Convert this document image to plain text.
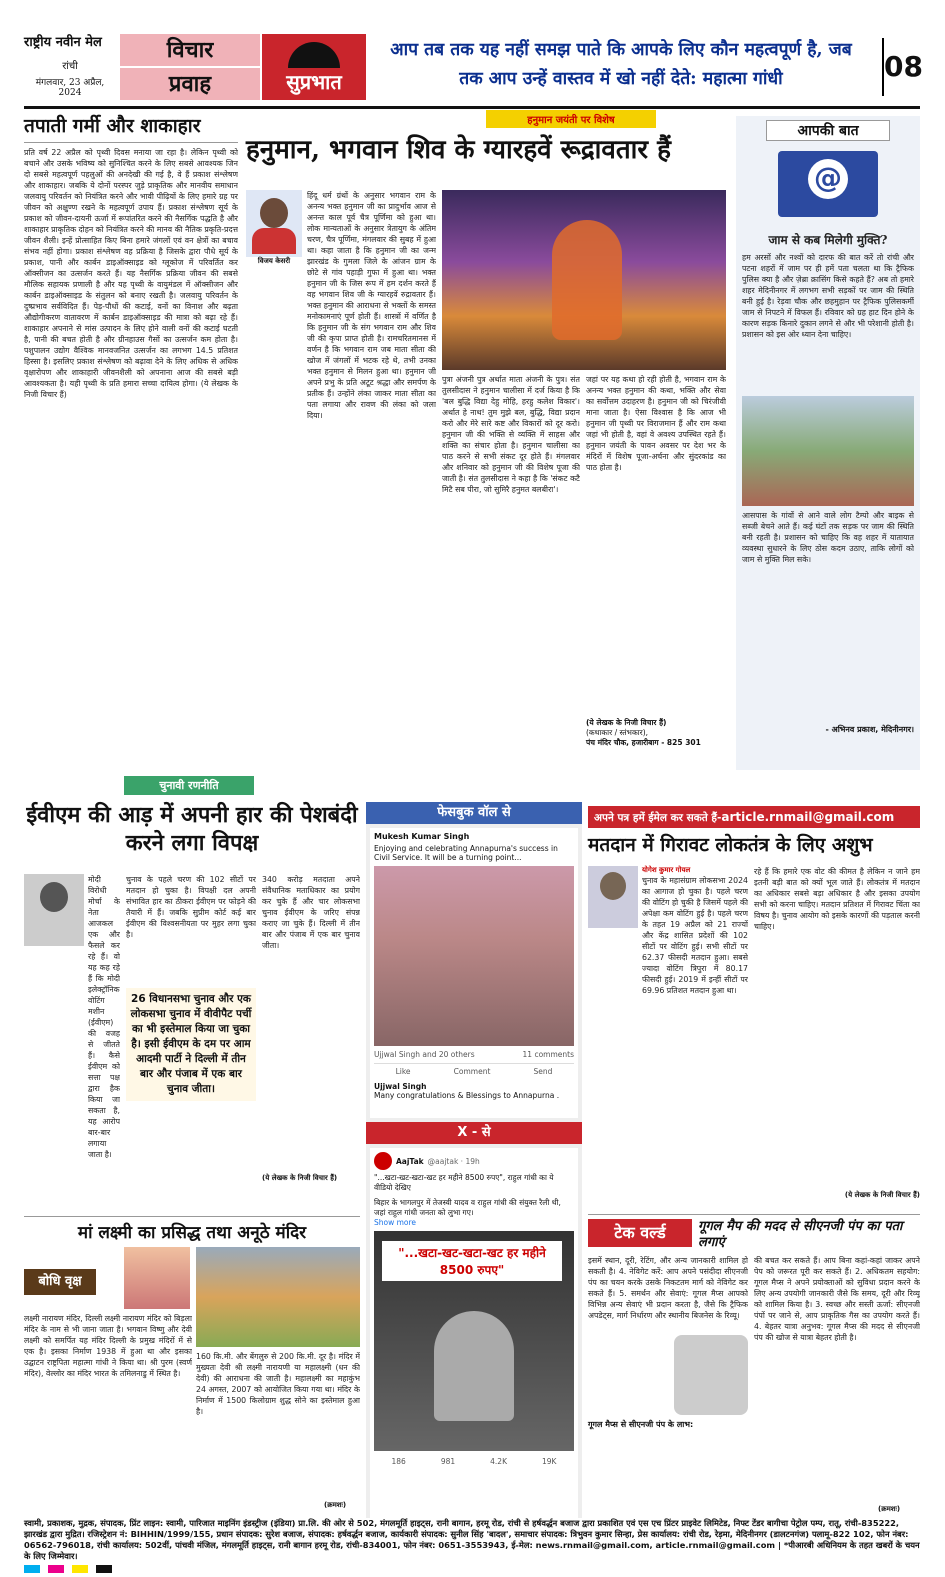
राष्ट्रीय नवीन मेल
रांची
मंगलवार, 23 अप्रैल, 2024
विचार
प्रवाह	सुप्रभात
आप तब तक यह नहीं समझ पाते कि आपके लिए कौन महत्वपूर्ण है, जब तक आप उन्हें वास्तव में खो नहीं देते: महात्मा गांधी	08
तपाती गर्मी और शाकाहार
प्रति वर्ष 22 अप्रैल को पृथ्वी दिवस मनाया जा रहा है। लेकिन पृथ्वी को बचाने और उसके भविष्य को सुनिश्चित करने के लिए सबसे आवश्यक जिन दो सबसे महत्वपूर्ण पहलुओं की अनदेखी की गई है, वे हैं प्रकाश संश्लेषण और शाकाहार। जबकि ये दोनों परस्पर जुड़े प्राकृतिक और मानवीय समाधान जलवायु परिवर्तन को नियंत्रित करने और भावी पीढ़ियों के लिए हमारे ग्रह पर जीवन को अक्षुण्ण रखने के महत्वपूर्ण उपाय हैं। प्रकाश संश्लेषण सूर्य के प्रकाश को जीवन-दायनी ऊर्जा में रूपांतरित करने की नैसर्गिक पद्धति है और शाकाहार प्राकृतिक दोहन को नियंत्रित करने की मानव की नैतिक प्रकृति-प्रदत्त जीवन शैली। इन्हें प्रोत्साहित किए बिना हमारे जंगलों एवं वन क्षेत्रों का बचाव संभव नहीं होगा। प्रकाश संश्लेषण वह प्रक्रिया है जिसके द्वारा पौधे सूर्य के प्रकाश, पानी और कार्बन डाइऑक्साइड को ग्लूकोज में परिवर्तित कर ऑक्सीजन का उत्सर्जन करते हैं। यह नैसर्गिक प्रक्रिया जीवन की सबसे मौलिक सहायक प्रणाली है और यह पृथ्वी के वायुमंडल में ऑक्सीजन और कार्बन डाइऑक्साइड के संतुलन को बनाए रखती है। जलवायु परिवर्तन के दुष्प्रभाव सर्वविदित हैं। पेड़-पौधों की कटाई, वनों का विनाश और बढ़ता औद्योगीकरण वातावरण में कार्बन डाइऑक्साइड की मात्रा को बढ़ा रहे हैं। शाकाहार अपनाने से मांस उत्पादन के लिए होने वाली वनों की कटाई घटती है, पानी की बचत होती है और ग्रीनहाउस गैसों का उत्सर्जन कम होता है। पशुपालन उद्योग वैश्विक मानवजनित उत्सर्जन का लगभग 14.5 प्रतिशत हिस्सा है। इसलिए प्रकाश संश्लेषण को बढ़ावा देने के लिए अधिक से अधिक वृक्षारोपण और शाकाहारी जीवनशैली को अपनाना आज की सबसे बड़ी आवश्यकता है। यही पृथ्वी के प्रति हमारा सच्चा दायित्व होगा। (ये लेखक के निजी विचार हैं)
हनुमान जयंती पर विशेष
हनुमान, भगवान शिव के ग्यारहवें रूद्रावतार हैं
विजय केसरी
हिंदू धर्म ग्रंथों के अनुसार भगवान राम के अनन्य भक्त हनुमान जी का प्रादुर्भाव आज से अनन्त काल पूर्व चैत्र पूर्णिमा को हुआ था। लोक मान्यताओं के अनुसार त्रेतायुग के अंतिम चरण, चैत्र पूर्णिमा, मंगलवार की सुबह में हुआ था। कहा जाता है कि हनुमान जी का जन्म झारखंड के गुमला जिले के आंजन ग्राम के छोटे से गांव पहाड़ी गुफा में हुआ था। भक्त हनुमान जी के जिस रूप में हम दर्शन करते हैं वह भगवान शिव जी के ग्यारहवें रुद्रावतार हैं। भक्त हनुमान की आराधना से भक्तों के समस्त मनोकामनाएं पूर्ण होती हैं। शास्त्रों में वर्णित है कि हनुमान जी के संग भगवान राम और शिव जी की कृपा प्राप्त होती है। रामचरितमानस में वर्णन है कि भगवान राम जब माता सीता की खोज में जंगलों में भटक रहे थे, तभी उनका भक्त हनुमान से मिलन हुआ था। हनुमान जी अपने प्रभु के प्रति अटूट श्रद्धा और समर्पण के प्रतीक हैं। उन्होंने लंका जाकर माता सीता का पता लगाया और रावण की लंका को जला दिया।
पुत्रा अंजनी पुत्र अर्थात माता अंजनी के पुत्र। संत तुलसीदास ने हनुमान चालीसा में दर्ज किया है कि 'बल बुद्धि विद्या देहु मोहि, हरहु कलेश विकार'। अर्थात हे नाथ! तुम मुझे बल, बुद्धि, विद्या प्रदान करो और मेरे सारे कष्ट और विकारों को दूर करो। हनुमान जी की भक्ति से व्यक्ति में साहस और शक्ति का संचार होता है। हनुमान चालीसा का पाठ करने से सभी संकट दूर होते हैं। मंगलवार और शनिवार को हनुमान जी की विशेष पूजा की जाती है। संत तुलसीदास ने कहा है कि 'संकट कटै मिटै सब पीरा, जो सुमिरै हनुमत बलबीरा'।
जहां पर यह कथा हो रही होती है, भगवान राम के अनन्य भक्त हनुमान की कथा, भक्ति और सेवा का सर्वोत्तम उदाहरण है। हनुमान जी को चिरंजीवी माना जाता है। ऐसा विश्वास है कि आज भी हनुमान जी पृथ्वी पर विराजमान हैं और राम कथा जहां भी होती है, वहां वे अवश्य उपस्थित रहते हैं। हनुमान जयंती के पावन अवसर पर देश भर के मंदिरों में विशेष पूजा-अर्चना और सुंदरकांड का पाठ होता है।
(ये लेखक के निजी विचार हैं)
(कथाकार / स्तंभकार),
पंच मंदिर चौक, हजारीबाग - 825 301
आपकी बात
@
जाम से कब मिलेगी मुक्ति?
हम अरसों और नश्वों को दारफ की बात करें तो रांची और पटना शहरों में जाम पर ही हमें पता चलता था कि ट्रैफिक पुलिस क्या है और ज़ेब्रा क्रासिंग किसे कहते हैं? अब तो हमारे शहर मेदिनीनगर में लगभग सभी सड़कों पर जाम की स्थिति बनी हुई है। रेड़वा चौक और छहमुहान पर ट्रैफिक पुलिसकर्मी जाम से निपटने में विफल हैं। रविवार को ग्रह हाट दिन होने के कारण सड़क किनारे दुकान लगने से और भी परेशानी होती है। प्रशासन को इस ओर ध्यान देना चाहिए।
आसपास के गांवों से आने वाले लोग टैम्पो और बाइक से सब्जी बेचने आते हैं। कई घंटों तक सड़क पर जाम की स्थिति बनी रहती है। प्रशासन को चाहिए कि वह शहर में यातायात व्यवस्था सुधारने के लिए ठोस कदम उठाए, ताकि लोगों को जाम से मुक्ति मिल सके।
- अभिनव प्रकाश, मेदिनीनगर।
चुनावी रणनीति
ईवीएम की आड़ में अपनी हार की पेशबंदी करने लगा विपक्ष
मोदी विरोधी मोर्चा के नेता आजकल एक और फैसले कर रहे हैं। वो यह कह रहे हैं कि मोदी इलेक्ट्रॉनिक वोटिंग मशीन (ईवीएम) की वजह से जीतते हैं। कैसे ईवीएम को सत्ता पक्ष द्वारा हैक किया जा सकता है, यह आरोप बार-बार लगाया जाता है।
चुनाव के पहले चरण की 102 सीटों पर मतदान हो चुका है। विपक्षी दल अपनी संभावित हार का ठीकरा ईवीएम पर फोड़ने की तैयारी में हैं। जबकि सुप्रीम कोर्ट कई बार ईवीएम की विश्वसनीयता पर मुहर लगा चुका है।
26 विधानसभा चुनाव और एक लोकसभा चुनाव में वीवीपैट पर्ची का भी इस्तेमाल किया जा चुका है। इसी ईवीएम के दम पर आम आदमी पार्टी ने दिल्ली में तीन बार और पंजाब में एक बार चुनाव जीता।
340 करोड़ मतदाता अपने संवैधानिक मताधिकार का प्रयोग कर चुके हैं और चार लोकसभा चुनाव ईवीएम के जरिए संपन्न कराए जा चुके हैं। दिल्ली में तीन बार और पंजाब में एक बार चुनाव जीता।
(ये लेखक के निजी विचार हैं)
मां लक्ष्मी का प्रसिद्ध तथा अनूठे मंदिर
बोधि वृक्ष
लक्ष्मी नारायण मंदिर, दिल्ली लक्ष्मी नारायण मंदिर को बिड़ला मंदिर के नाम से भी जाना जाता है। भगवान विष्णु और देवी लक्ष्मी को समर्पित यह मंदिर दिल्ली के प्रमुख मंदिरों में से एक है। इसका निर्माण 1938 में हुआ था और इसका उद्घाटन राष्ट्रपिता महात्मा गांधी ने किया था। श्री पुरम (स्वर्ण मंदिर), वेल्लोर का मंदिर भारत के तमिलनाडु में स्थित है।
160 कि.मी. और बेंगलुरु से 200 कि.मी. दूर है। मंदिर में मुख्यतः देवी श्री लक्ष्मी नारायणी या महालक्ष्मी (धन की देवी) की आराधना की जाती है। महालक्ष्मी का महाकुंभ 24 अगस्त, 2007 को आयोजित किया गया था। मंदिर के निर्माण में 1500 किलोग्राम शुद्ध सोने का इस्तेमाल हुआ है।
(क्रमशः)
फेसबुक वॉल से
Mukesh Kumar Singh
Enjoying and celebrating Annapurna's success in Civil Service. It will be a turning point...
Ujjwal Singh and 20 others	11 comments
Like	Comment	Send
Ujjwal Singh
Many congratulations & Blessings to Annapurna .
X - से
AajTak @aajtak · 19h
"...खटा-खट-खटा-खट हर महीने 8500 रुपए", राहुल गांधी का ये वीडियो देखिए
बिहार के भागलपुर में तेजस्वी यादव व राहुल गांधी की संयुक्त रैली थी, जहां राहुल गांधी जनता को लुभा गए।
Show more
"...खटा-खट-खटा-खट हर महीने 8500 रुपए"
186	981	4.2K	19K
अपने पत्र हमें ईमेल कर सकते हैं-article.rnmail@gmail.com
मतदान में गिरावट लोकतंत्र के लिए अशुभ
योगेश कुमार गोयल
चुनाव के महासंग्राम लोकसभा 2024 का आगाज हो चुका है। पहले चरण की वोटिंग हो चुकी है जिसमें पहले की अपेक्षा कम वोटिंग हुई है। पहले चरण के तहत 19 अप्रैल को 21 राज्यों और केंद्र शासित प्रदेशों की 102 सीटों पर वोटिंग हुई। सभी सीटों पर 62.37 फीसदी मतदान हुआ। सबसे ज्यादा वोटिंग त्रिपुरा में 80.17 फीसदी हुई। 2019 में इन्हीं सीटों पर 69.96 प्रतिशत मतदान हुआ था।
रहे हैं कि हमारे एक वोट की कीमत है लेकिन न जाने हम इतनी बड़ी बात को क्यों भूल जाते हैं। लोकतंत्र में मतदान का अधिकार सबसे बड़ा अधिकार है और इसका उपयोग सभी को करना चाहिए। मतदान प्रतिशत में गिरावट चिंता का विषय है। चुनाव आयोग को इसके कारणों की पड़ताल करनी चाहिए।
(ये लेखक के निजी विचार हैं)
टेक वर्ल्ड	गूगल मैप की मदद से सीएनजी पंप का पता लगाएं
इसमें स्थान, दूरी, रेटिंग, और अन्य जानकारी शामिल हो सकती है। 4. नेविगेट करें: आप अपने पसंदीदा सीएनजी पंप का चयन करके उसके निकटतम मार्ग को नेविगेट कर सकते हैं। 5. समर्थन और सेवाएं: गूगल मैप्स आपको विभिन्न अन्य सेवाएं भी प्रदान करता है, जैसे कि ट्रैफिक अपडेट्स, मार्ग निर्धारण और स्थानीय बिजनेस के रिव्यू।
गूगल मैप्स से सीएनजी पंप के लाभ:
की बचत कर सकते हैं। आप बिना कहां-कहां जाकर अपने पेप को जरूरत पूरी कर सकते हैं। 2. अधिकतम सहयोग: गूगल मैप्स ने अपने प्रयोक्ताओं को सुविधा प्रदान करने के लिए अन्य उपयोगी जानकारी जैसे कि समय, दूरी और रिव्यू को शामिल किया है। 3. स्वच्छ और सस्ती ऊर्जा: सीएनजी पंपों पर जाने से, आप प्राकृतिक गैस का उपयोग करते हैं। 4. बेहतर यात्रा अनुभव: गूगल मैप्स की मदद से सीएनजी पंप की खोज से यात्रा बेहतर होती है।
(क्रमशः)
स्वामी, प्रकाशक, मुद्रक, संपादक, प्रिंट लाइन: स्वामी, पारिजात माइनिंग इंडस्ट्रीज (इंडिया) प्रा.लि. की ओर से 502, मंगलमूर्ति हाइट्स, रानी बागान, हरमू रोड, रांची से हर्षवर्द्धन बजाज द्वारा प्रकाशित एवं एस एच प्रिंटर प्राइवेट लिमिटेड, निफ्ट टेंडर बागीचा पेट्रोल पम्प, रातू, रांची-835222, झारखंड द्वारा मुद्रित। रजिस्ट्रेशन नं: BIHHIN/1999/155, प्रधान संपादक: सुरेश बजाज, संपादक: हर्षवर्द्धन बजाज, कार्यकारी संपादक: सुनील सिंह 'बादल', समाचार संपादक: त्रिभुवन कुमार सिन्हा, प्रेस कार्यालय: रांची रोड, रेड़मा, मेदिनीनगर (डालटनगंज) पलामू-822 102, फोन नंबर: 06562-796018, रांची कार्यालय: 502वीं, पांचवी मंजिल, मंगलमूर्ति हाइट्स, रानी बागान हरमू रोड, रांची-834001, फोन नंबर: 0651-3553943, ई-मेल: news.rnmail@gmail.com, article.rnmail@gmail.com | *पीआरबी अधिनियम के तहत खबरों के चयन के लिए जिम्मेवार।
